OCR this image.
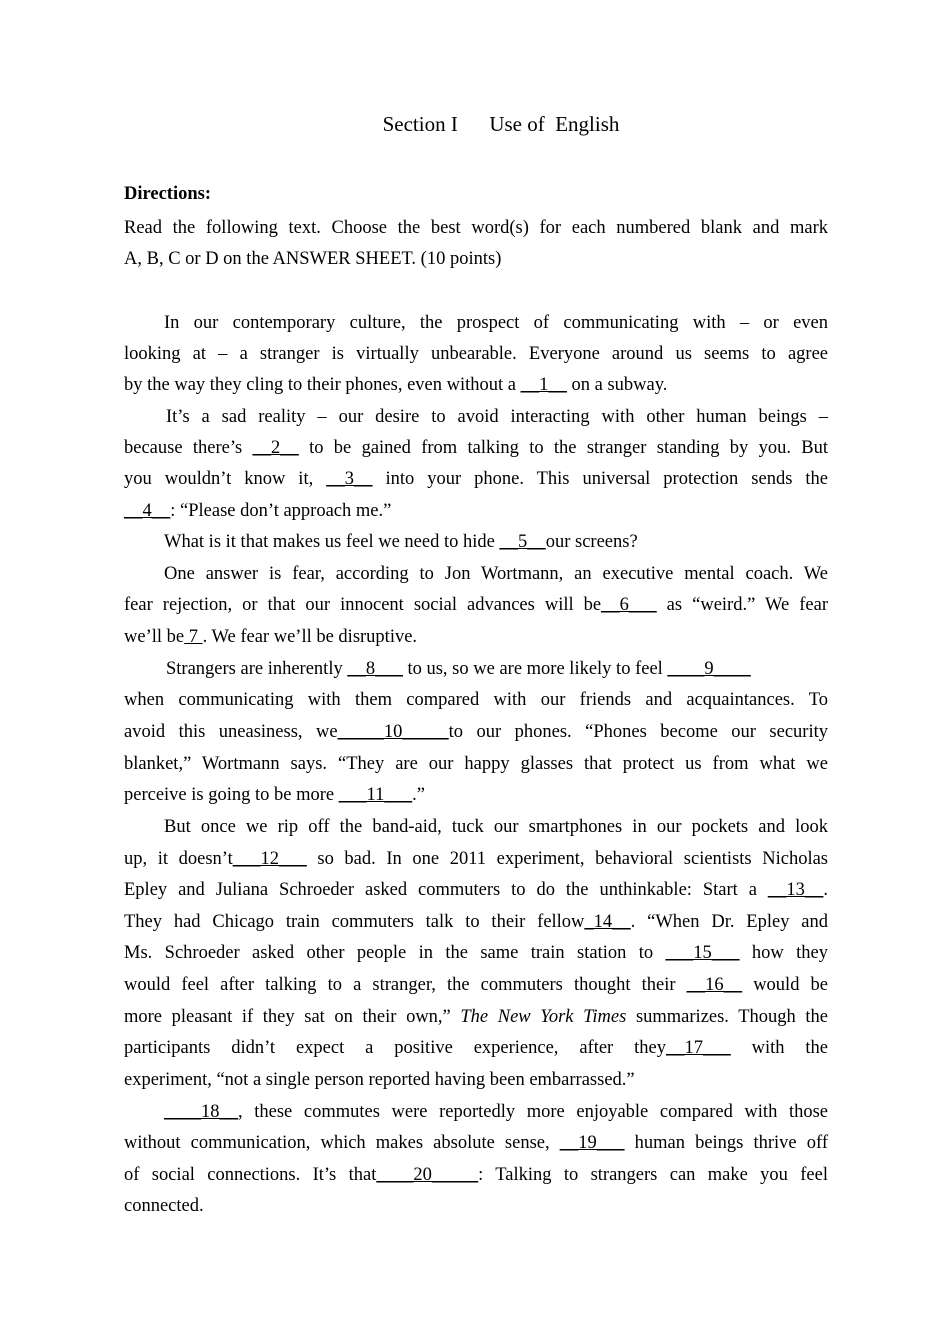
Section I      Use of  English
Directions:
Read the following text. Choose the best word(s) for each numbered blank and mark
A, B, C or D on the ANSWER SHEET. (10 points)
In our contemporary culture, the prospect of communicating with – or even
looking at – a stranger is virtually unbearable. Everyone around us seems to agree
by the way they cling to their phones, even without a __1__ on a subway.
It’s a sad reality – our desire to avoid interacting with other human beings –
because there’s __2__ to be gained from talking to the stranger standing by you. But
you wouldn’t know it, __3__ into your phone. This universal protection sends the
__4__: “Please don’t approach me.”
What is it that makes us feel we need to hide __5__our screens?
One answer is fear, according to Jon Wortmann, an executive mental coach. We
fear rejection, or that our innocent social advances will be__6___ as “weird.” We fear
we’ll be 7 . We fear we’ll be disruptive.
Strangers are inherently __8___ to us, so we are more likely to feel ____9____
when communicating with them compared with our friends and acquaintances. To
avoid this uneasiness, we_____10_____to our phones. “Phones become our security
blanket,” Wortmann says. “They are our happy glasses that protect us from what we
perceive is going to be more ___11___.”
But once we rip off the band-aid, tuck our smartphones in our pockets and look
up, it doesn’t___12___ so bad. In one 2011 experiment, behavioral scientists Nicholas
Epley and Juliana Schroeder asked commuters to do the unthinkable: Start a __13__.
They had Chicago train commuters talk to their fellow_14__. “When Dr. Epley and
Ms. Schroeder asked other people in the same train station to ___15___ how they
would feel after talking to a stranger, the commuters thought their __16__ would be
more pleasant if they sat on their own,” The New York Times summarizes. Though the
participants didn’t expect a positive experience, after they__17___ with the
experiment, “not a single person reported having been embarrassed.”
____18__, these commutes were reportedly more enjoyable compared with those
without communication, which makes absolute sense, __19___ human beings thrive off
of social connections. It’s that____20_____: Talking to strangers can make you feel
connected.
